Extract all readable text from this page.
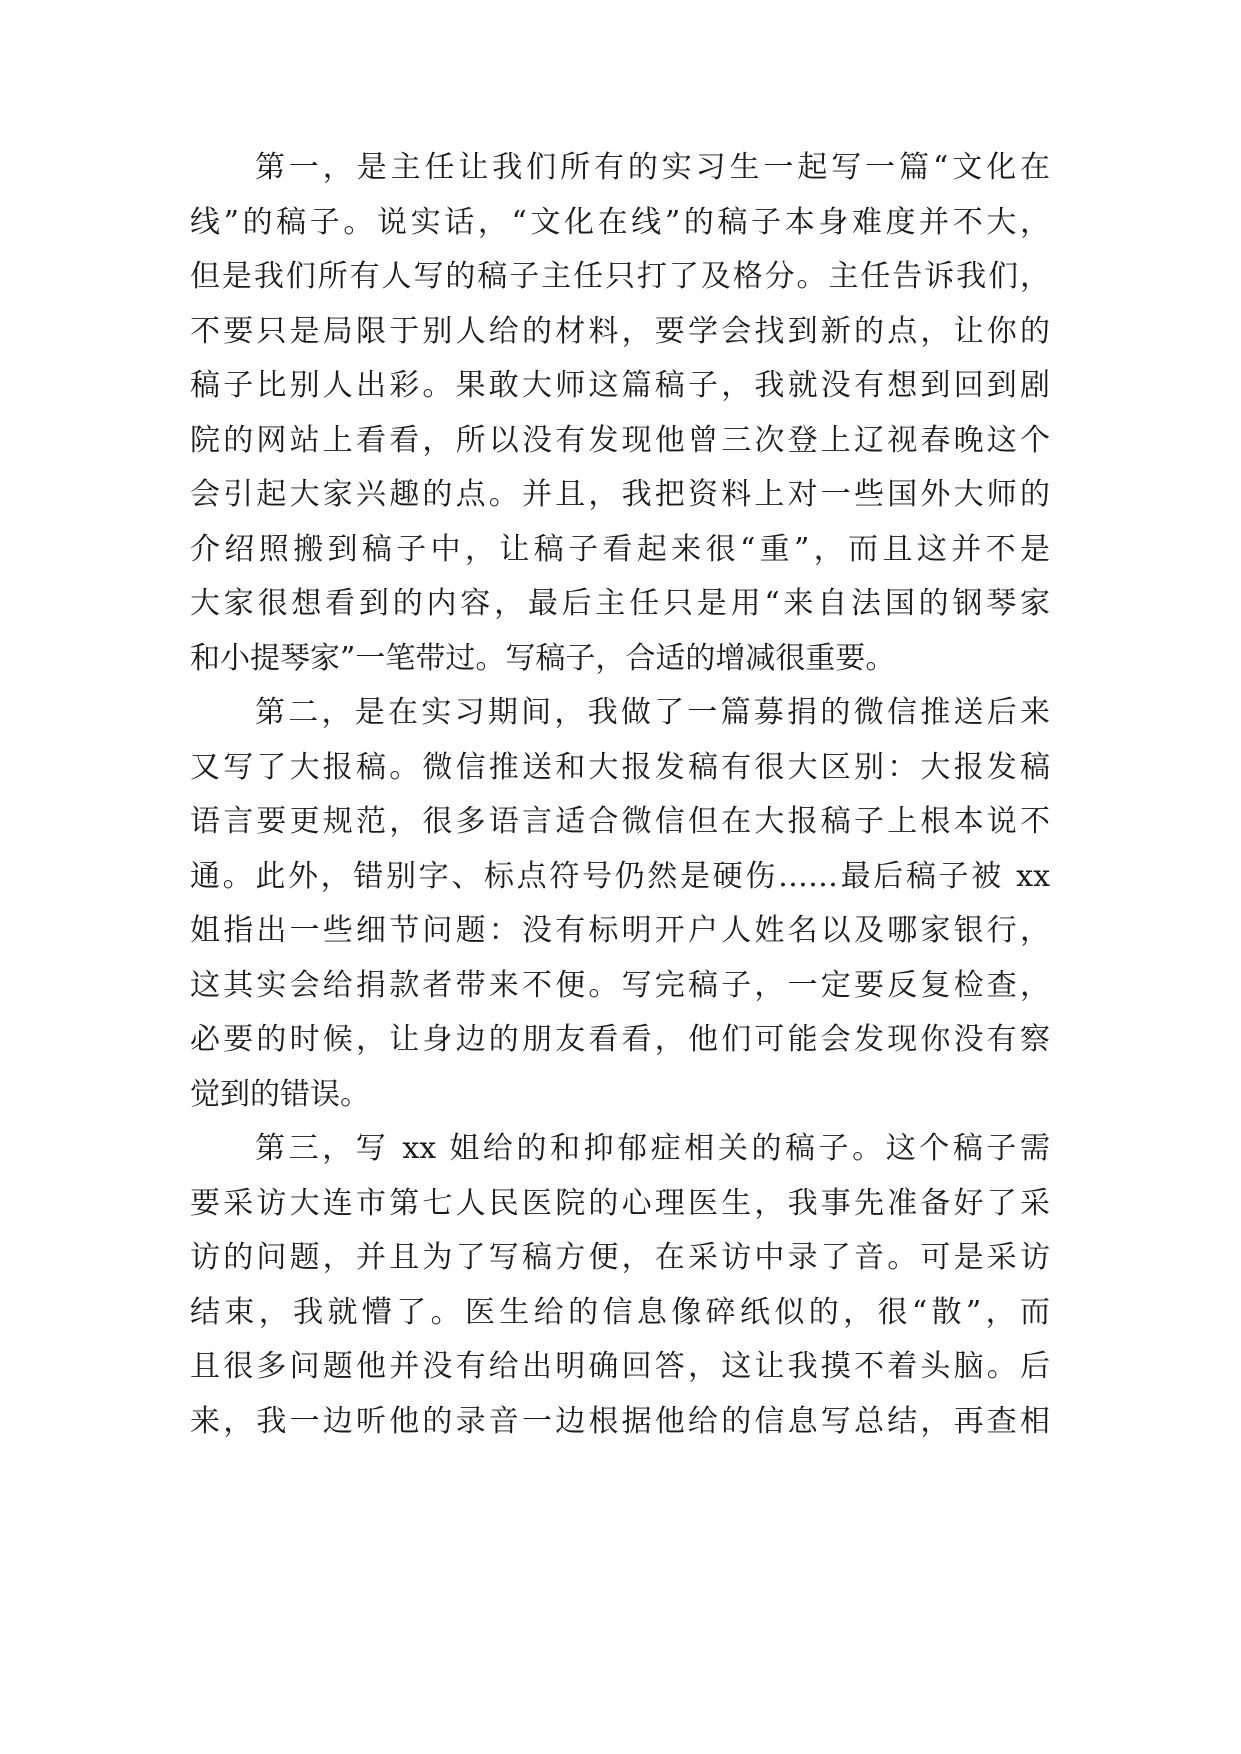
第一，是主任让我们所有的实习生一起写一篇“文化在
线”的稿子。说实话，“文化在线”的稿子本身难度并不大，
但是我们所有人写的稿子主任只打了及格分。主任告诉我们，
不要只是局限于别人给的材料，要学会找到新的点，让你的
稿子比别人出彩。果敢大师这篇稿子，我就没有想到回到剧
院的网站上看看，所以没有发现他曾三次登上辽视春晚这个
会引起大家兴趣的点。并且，我把资料上对一些国外大师的
介绍照搬到稿子中，让稿子看起来很“重”，而且这并不是
大家很想看到的内容，最后主任只是用“来自法国的钢琴家
和小提琴家”一笔带过。写稿子，合适的增减很重要。
第二，是在实习期间，我做了一篇募捐的微信推送后来
又写了大报稿。微信推送和大报发稿有很大区别：大报发稿
语言要更规范，很多语言适合微信但在大报稿子上根本说不
通。此外，错别字、标点符号仍然是硬伤……最后稿子被 xx
姐指出一些细节问题：没有标明开户人姓名以及哪家银行，
这其实会给捐款者带来不便。写完稿子，一定要反复检查，
必要的时候，让身边的朋友看看，他们可能会发现你没有察
觉到的错误。
第三，写 xx 姐给的和抑郁症相关的稿子。这个稿子需
要采访大连市第七人民医院的心理医生，我事先准备好了采
访的问题，并且为了写稿方便，在采访中录了音。可是采访
结束，我就懵了。医生给的信息像碎纸似的，很“散”，而
且很多问题他并没有给出明确回答，这让我摸不着头脑。后
来，我一边听他的录音一边根据他给的信息写总结，再查相
